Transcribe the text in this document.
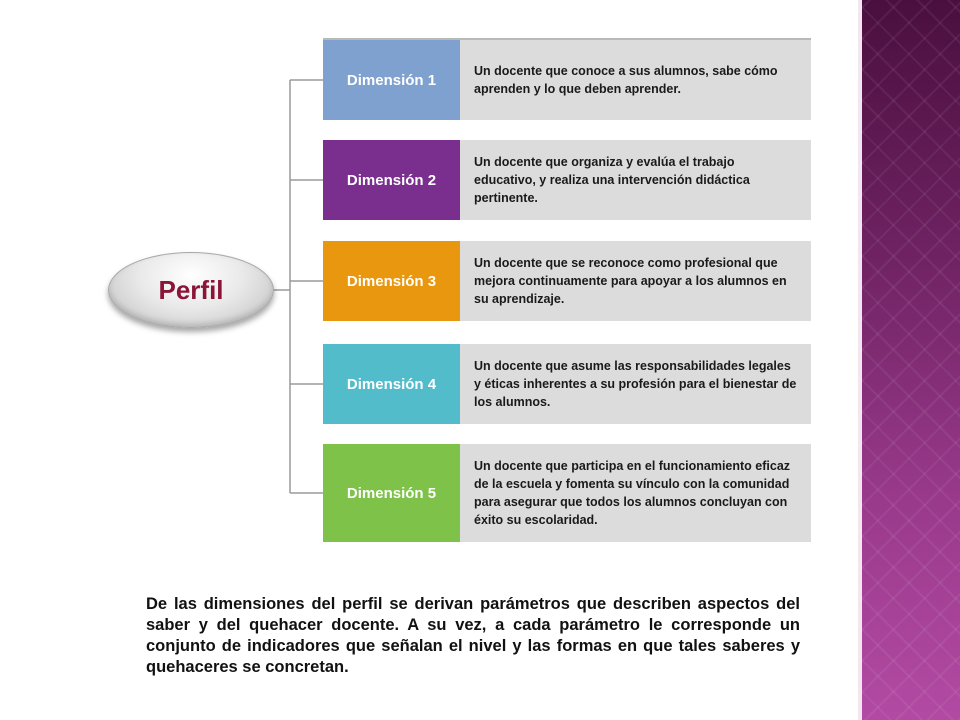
Perfil
Dimensión 1
Un docente que conoce a sus alumnos, sabe cómo aprenden y lo que deben aprender.
Dimensión 2
Un docente que organiza y evalúa el trabajo educativo, y realiza una intervención didáctica pertinente.
Dimensión 3
Un docente que se reconoce como profesional que mejora continuamente para apoyar a los alumnos en su aprendizaje.
Dimensión 4
Un docente que asume las responsabilidades legales y éticas inherentes a su profesión para el bienestar de los alumnos.
Dimensión 5
Un docente que participa en el funcionamiento eficaz de la escuela y fomenta su vínculo con la comunidad para asegurar que todos los alumnos concluyan con éxito su escolaridad.
De las dimensiones del perfil se derivan parámetros que describen aspectos del saber y del quehacer docente. A su vez, a cada parámetro le corresponde un conjunto de indicadores que señalan el nivel y las formas en que tales saberes y quehaceres se concretan.
